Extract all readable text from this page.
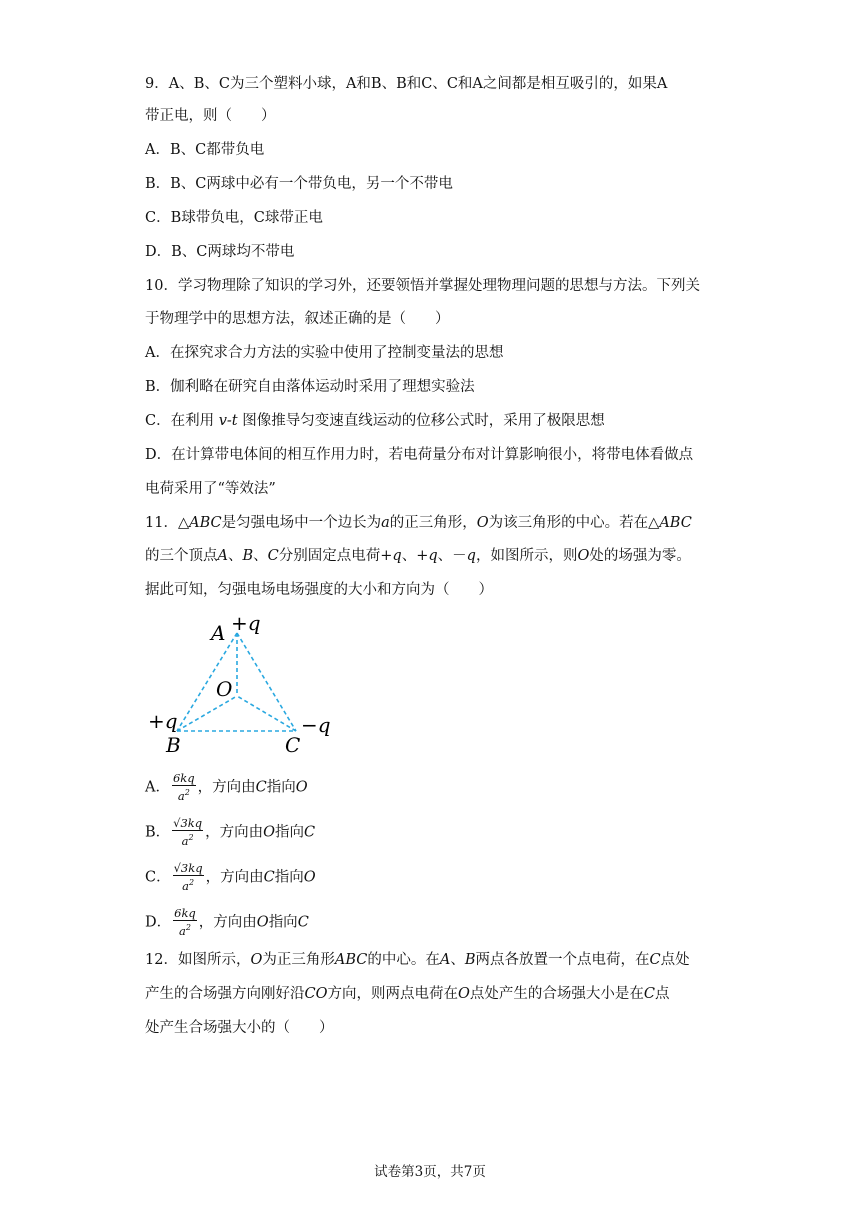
9．A、B、C为三个塑料小球，A和B、B和C、C和A之间都是相互吸引的，如果A
带正电，则（　　）
A．B、C都带负电
B．B、C两球中必有一个带负电，另一个不带电
C．B球带负电，C球带正电
D．B、C两球均不带电
10．学习物理除了知识的学习外，还要领悟并掌握处理物理问题的思想与方法。下列关
于物理学中的思想方法，叙述正确的是（　　）
A．在探究求合力方法的实验中使用了控制变量法的思想
B．伽利略在研究自由落体运动时采用了理想实验法
C．在利用 v-t 图像推导匀变速直线运动的位移公式时，采用了极限思想
D．在计算带电体间的相互作用力时，若电荷量分布对计算影响很小，将带电体看做点
电荷采用了“等效法”
11．△ABC是匀强电场中一个边长为a的正三角形，O为该三角形的中心。若在△ABC
的三个顶点A、B、C分别固定点电荷+q、+q、－q，如图所示，则O处的场强为零。
据此可知，匀强电场电场强度的大小和方向为（　　）
A +q
O
+q
B	C
−q
A． $\frac{6kq}{a^2}$ ，方向由C指向O
B． $\frac{√3kq}{a^2}$ ，方向由O指向C
C． $\frac{√3kq}{a^2}$ ，方向由C指向O
D． $\frac{6kq}{a^2}$ ，方向由O指向C
12．如图所示，O为正三角形ABC的中心。在A、B两点各放置一个点电荷，在C点处
产生的合场强方向刚好沿CO方向，则两点电荷在O点处产生的合场强大小是在C点
处产生合场强大小的（　　）
试卷第3页，共7页
